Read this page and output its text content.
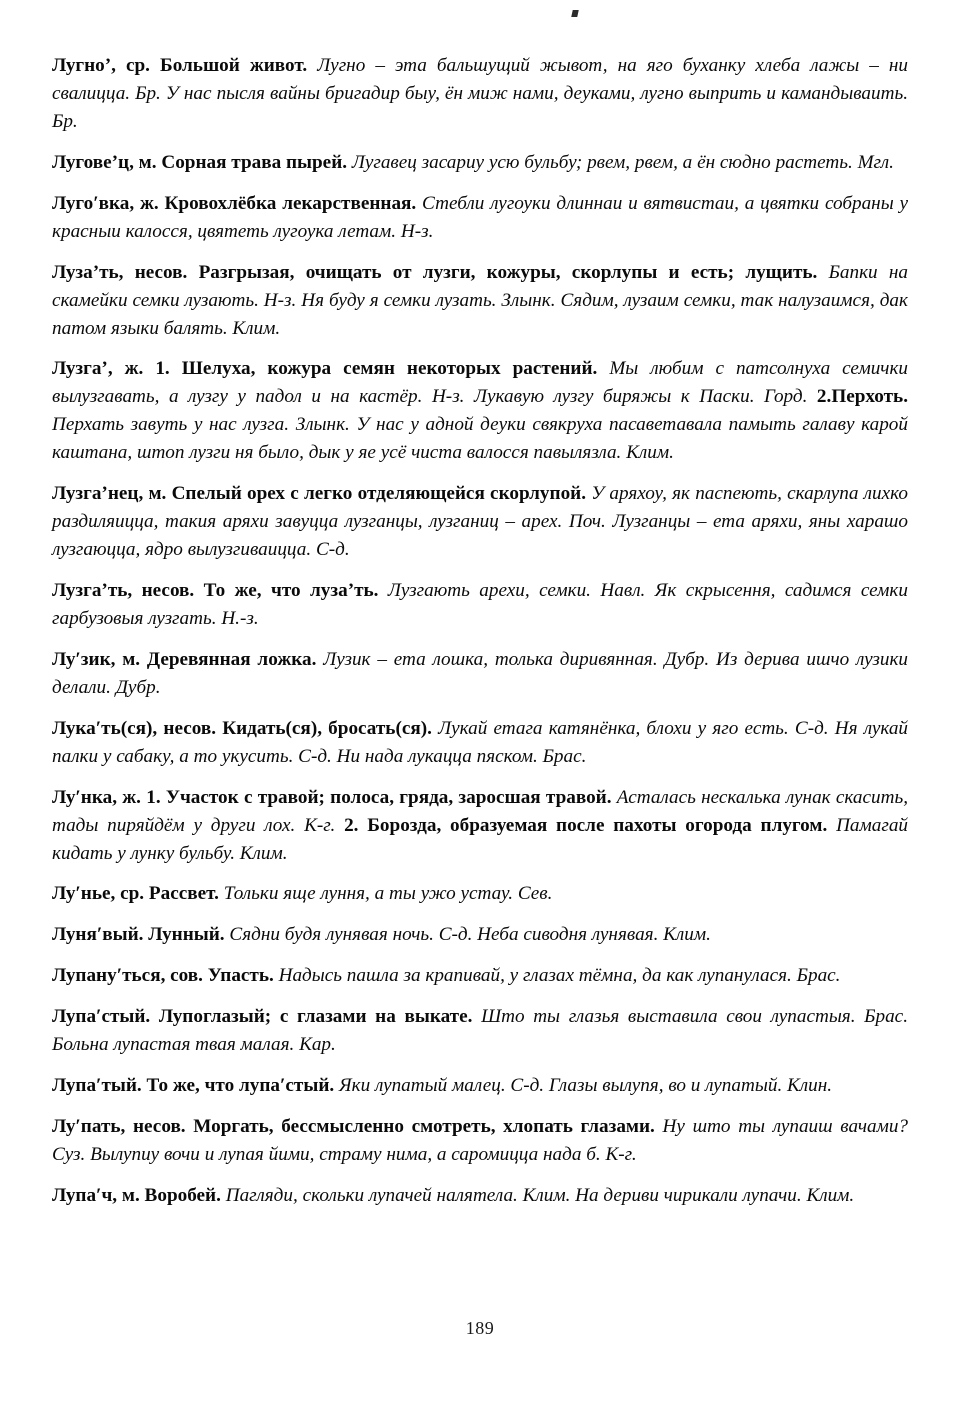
Лугно’, ср. Большой живот. Лугно – эта бальшущий жывот, на яго буханку хлеба лажы – ни свалицца. Бр. У нас пысля вайны бригадир быу, ён миж нами, деуками, лугно выприть и камандываить. Бр.

Лугове’ц, м. Сорная трава пырей. Лугавец засариу усю бульбу; рвем, рвем, а ён сюдно растеть. Мгл.

Луго′вка, ж. Кровохлёбка лекарственная. Стебли лугоуки длиннаи и вятвистаи, а цвятки собраны у красныи калосся, цвятеть лугоука летам. Н-з.

Луза’ть, несов. Разгрызая, очищать от лузги, кожуры, скорлупы и есть; лущить. Бапки на скамейки семки лузають. Н-з. Ня буду я семки лузать. Злынк. Сядим, лузаим семки, так налузаимся, дак патом языки балять. Клим.

Лузга’, ж. 1. Шелуха, кожура семян некоторых растений. Мы любим с патсолнуха семички вылузгавать, а лузгу у падол и на кастёр. Н-з. Лукавую лузгу биряжы к Паски. Горд. 2.Перхоть. Перхать завуть у нас лузга. Злынк. У нас у адной деуки свякруха пасаветавала памыть галаву карой каштана, штоп лузги ня было, дык у яе усё чиста валосся павылязла. Клим.

Лузга’нец, м. Спелый орех с легко отделяющейся скорлупой. У аряхоу, як паспеють, скарлупа лихко раздиляицца, такия аряхи завуцца лузганцы, лузганиц – арех. Поч. Лузганцы – ета аряхи, яны харашо лузгаюцца, ядро вылузгиваицца. С-д.

Лузга’ть, несов. То же, что луза’ть. Лузгають арехи, семки. Навл. Як скрысення, садимся семки гарбузовыя лузгать. Н.-з.

Лу′зик, м. Деревянная ложка. Лузик – ета лошка, толька диривянная. Дубр. Из дерива ишчо лузики делали. Дубр.

Лука′ть(ся), несов. Кидать(ся), бросать(ся). Лукай етага катянёнка, блохи у яго есть. С-д. Ня лукай палки у сабаку, а то укусить. С-д. Ни нада лукацца пяском. Брас.

Лу′нка, ж. 1. Участок с травой; полоса, гряда, заросшая травой. Асталась нескалька лунак скасить, тады пиряйдём у други лох. К-г. 2. Борозда, образуемая после пахоты огорода плугом. Памагай кидать у лунку бульбу. Клим.

Лу′нье, ср. Рассвет. Тольки яще луння, а ты ужо устау. Сев.

Луня′вый. Лунный. Сядни будя лунявая ночь. С-д. Неба сиводня лунявая. Клим.

Лупану′ться, сов. Упасть. Надысь пашла за крапивай, у глазах тёмна, да как лупанулася. Брас.

Лупа′стый. Лупоглазый; с глазами на выкате. Што ты глазья выставила свои лупастыя. Брас. Больна лупастая твая малая. Кар.

Лупа′тый. То же, что лупа′стый. Яки лупатый малец. С-д. Глазы вылупя, во и лупатый. Клин.

Лу′пать, несов. Моргать, бессмысленно смотреть, хлопать глазами. Ну што ты лупаиш вачами? Суз. Вылупиу вочи и лупая йими, страму нима, а саромицца нада б. К-г.

Лупа′ч, м. Воробей. Пагляди, скольки лупачей налятела. Клим. На дериви чирикали лупачи. Клим.

189
